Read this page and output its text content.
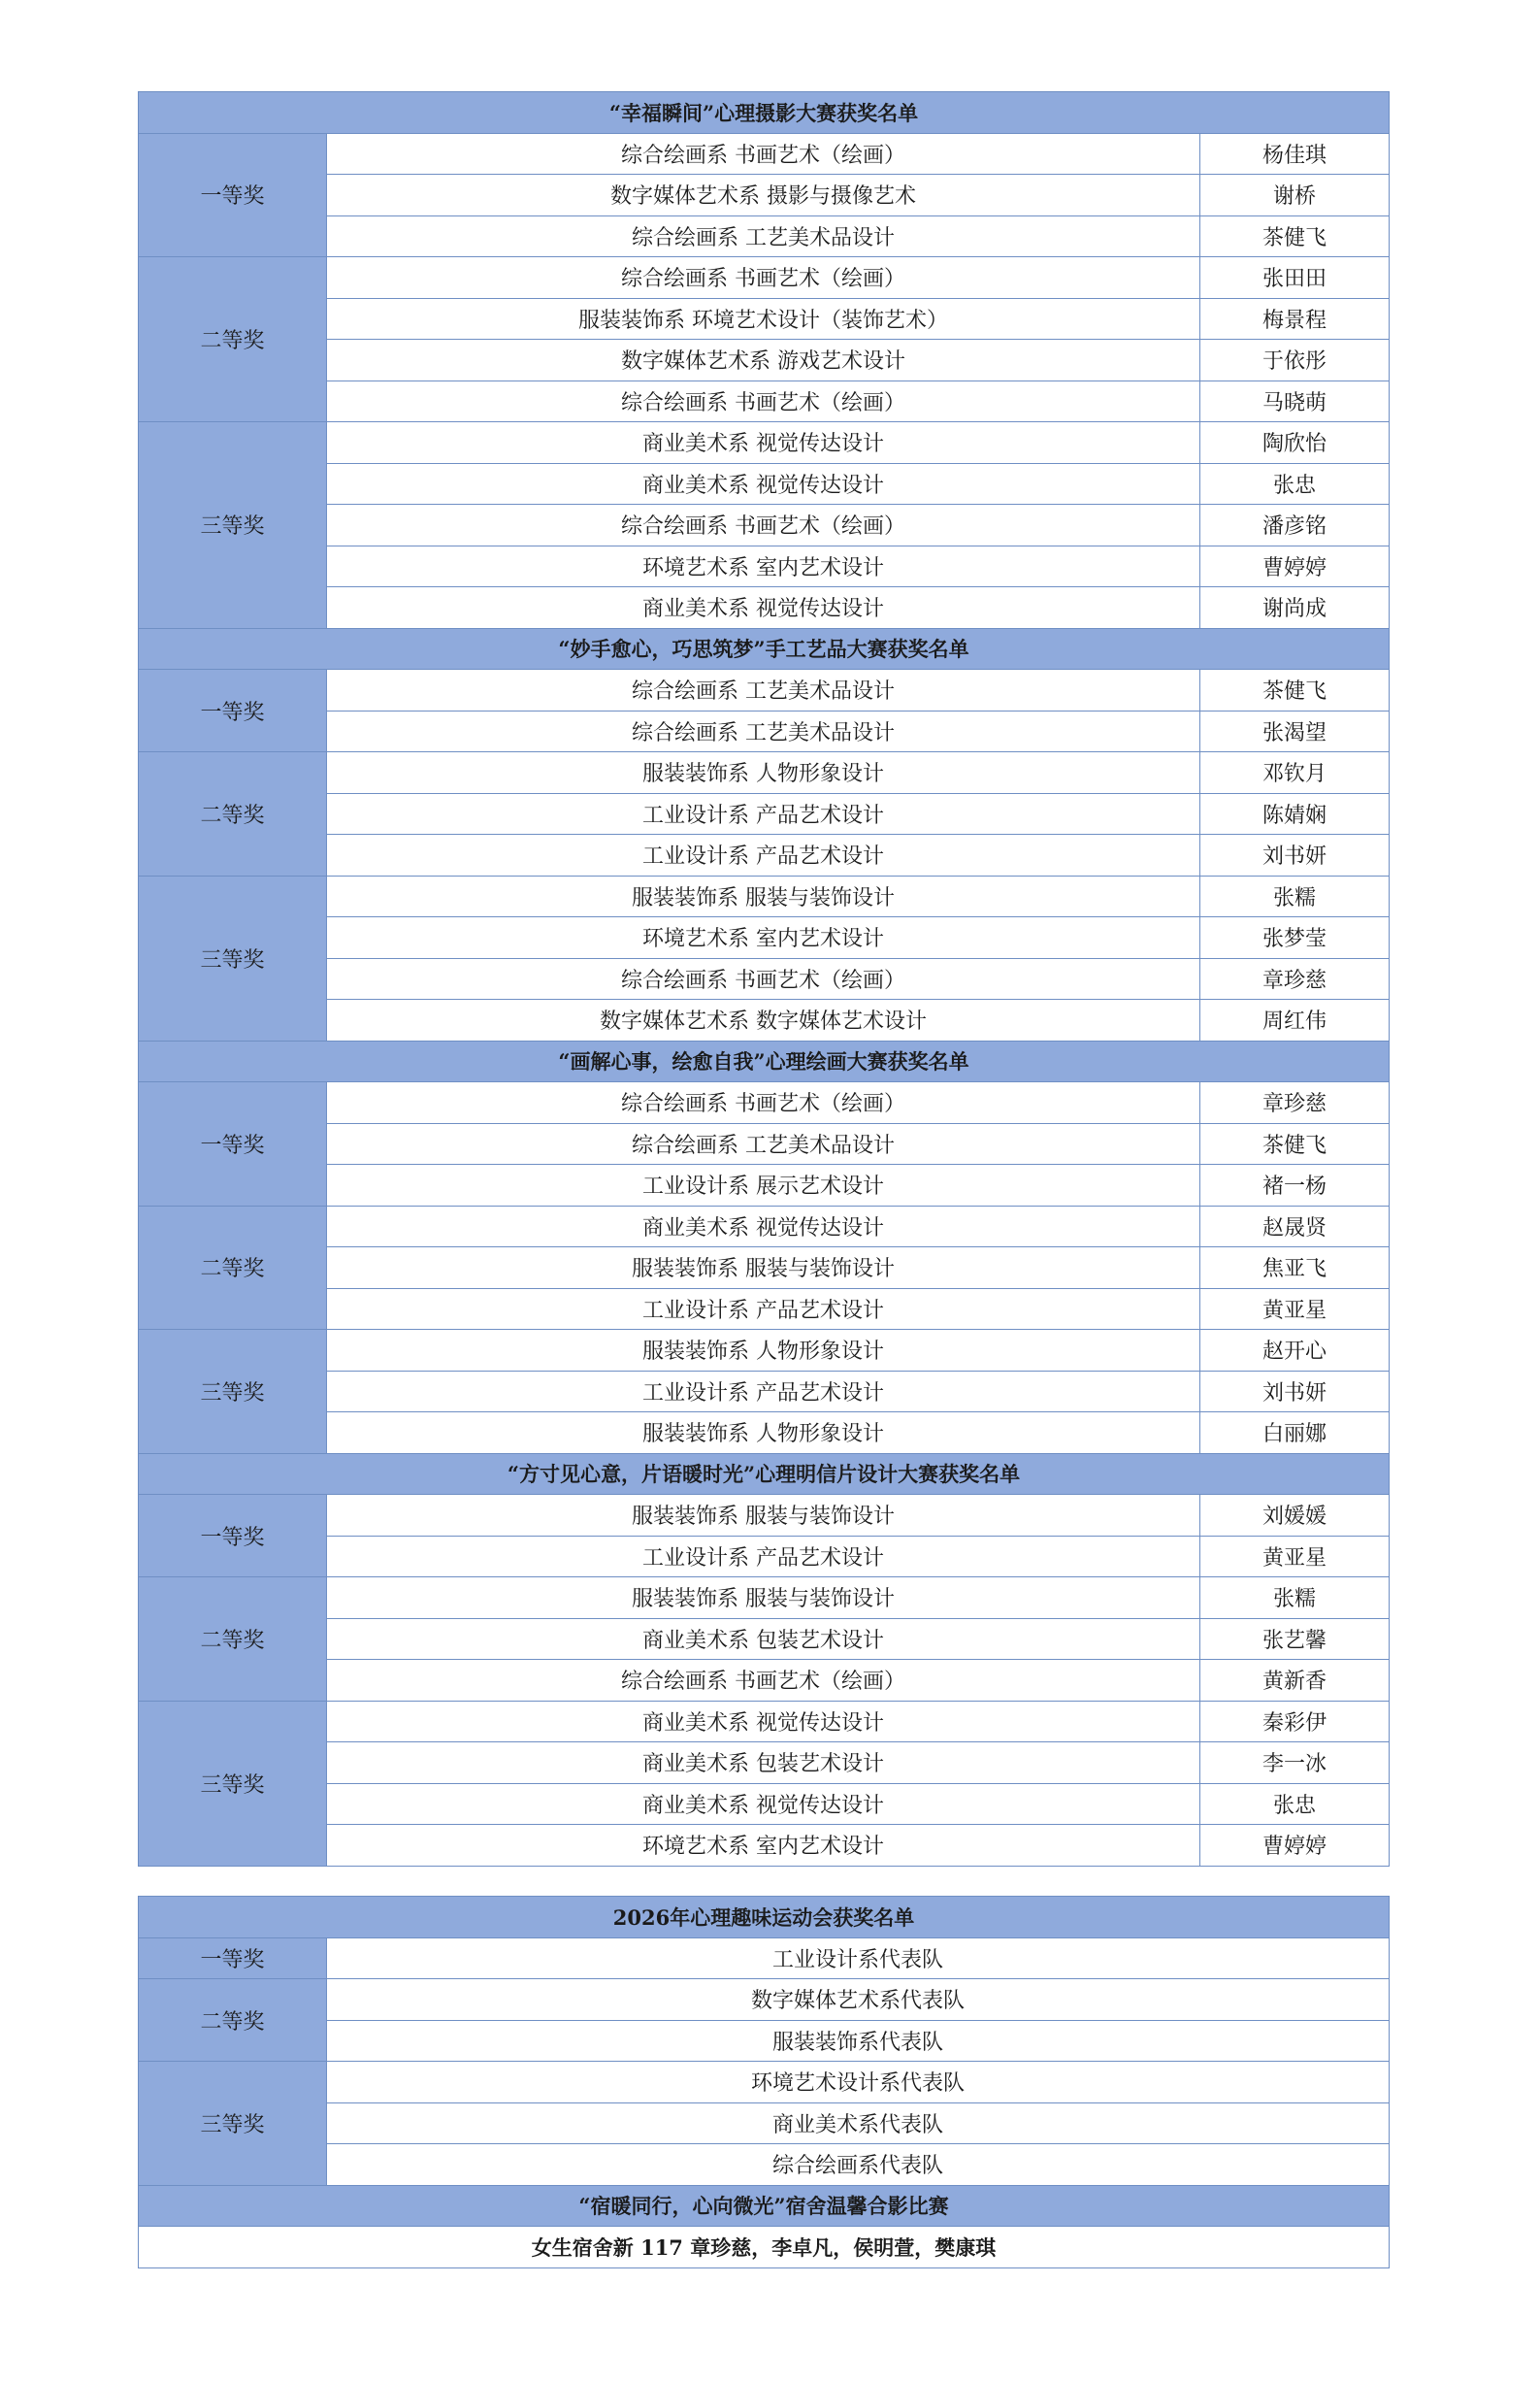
“幸福瞬间”心理摄影大赛获奖名单		
一等奖	综合绘画系 书画艺术（绘画）	杨佳琪
	数字媒体艺术系 摄影与摄像艺术	谢桥
	综合绘画系 工艺美术品设计	茶健飞
二等奖	综合绘画系 书画艺术（绘画）	张田田
	服装装饰系 环境艺术设计（装饰艺术）	梅景程
	数字媒体艺术系 游戏艺术设计	于依彤
	综合绘画系 书画艺术（绘画）	马晓萌
三等奖	商业美术系 视觉传达设计	陶欣怡
	商业美术系 视觉传达设计	张忠
	综合绘画系 书画艺术（绘画）	潘彦铭
	环境艺术系 室内艺术设计	曹婷婷
	商业美术系 视觉传达设计	谢尚成
“妙手愈心，巧思筑梦”手工艺品大赛获奖名单		
一等奖	综合绘画系 工艺美术品设计	茶健飞
	综合绘画系 工艺美术品设计	张渴望
二等奖	服装装饰系 人物形象设计	邓钦月
	工业设计系 产品艺术设计	陈婧娴
	工业设计系 产品艺术设计	刘书妍
三等奖	服装装饰系 服装与装饰设计	张糯
	环境艺术系 室内艺术设计	张梦莹
	综合绘画系 书画艺术（绘画）	章珍慈
	数字媒体艺术系 数字媒体艺术设计	周红伟
“画解心事，绘愈自我”心理绘画大赛获奖名单		
一等奖	综合绘画系 书画艺术（绘画）	章珍慈
	综合绘画系 工艺美术品设计	茶健飞
	工业设计系 展示艺术设计	褚一杨
二等奖	商业美术系 视觉传达设计	赵晟贤
	服装装饰系 服装与装饰设计	焦亚飞
	工业设计系 产品艺术设计	黄亚星
三等奖	服装装饰系 人物形象设计	赵开心
	工业设计系 产品艺术设计	刘书妍
	服装装饰系 人物形象设计	白丽娜
“方寸见心意，片语暖时光”心理明信片设计大赛获奖名单		
一等奖	服装装饰系 服装与装饰设计	刘媛媛
	工业设计系 产品艺术设计	黄亚星
二等奖	服装装饰系 服装与装饰设计	张糯
	商业美术系 包装艺术设计	张艺馨
	综合绘画系 书画艺术（绘画）	黄新香
三等奖	商业美术系 视觉传达设计	秦彩伊
	商业美术系 包装艺术设计	李一冰
	商业美术系 视觉传达设计	张忠
	环境艺术系 室内艺术设计	曹婷婷
2026年心理趣味运动会获奖名单	
一等奖	工业设计系代表队
二等奖	数字媒体艺术系代表队
	服装装饰系代表队
三等奖	环境艺术设计系代表队
	商业美术系代表队
	综合绘画系代表队
“宿暖同行，心向微光”宿舍温馨合影比赛	
女生宿舍新 117 章珍慈，李卓凡，侯明萱，樊康琪	
